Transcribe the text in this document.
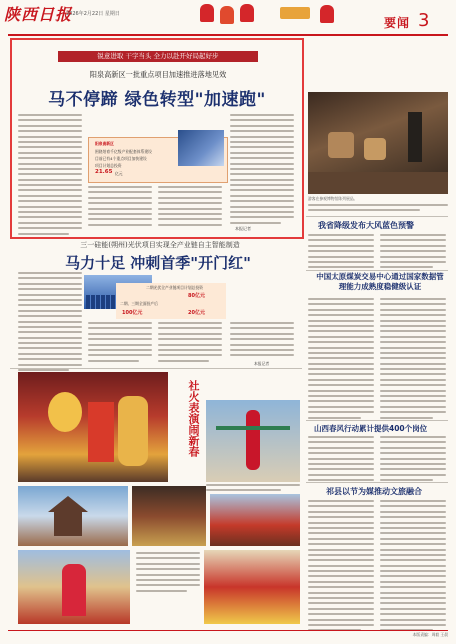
陕西日报
2026年2月22日 星期日
要闻 3
锐意进取 干字当头 全力以赴开好局起好步
阳泉高新区一批重点项目加速推进落地见效
马不停蹄 绿色转型"加速跑"
阳泉高新区
围绕培育千亿级产业配套体系建设
目前已有4个重点项目加快建设
项目计划总投资
21.65 亿元
本报记者
游客在参观博物馆陈列展品。
我省降级发布大风蓝色预警
中国太原煤炭交易中心通过国家数据管理能力成熟度稳健级认证
山西春风行动累计提供400个岗位
祁县以节为媒推动文旅融合
三一硅能(朔州)光伏项目实现全产业链自主智能制造
马力十足 冲刺首季"开门红"
二期光伏全产业链项目计划总投资
80亿元
二期、三期全面投产后
100亿元	20亿元
本报记者
社火表演闹新春
本版责编：周毅 王晨
